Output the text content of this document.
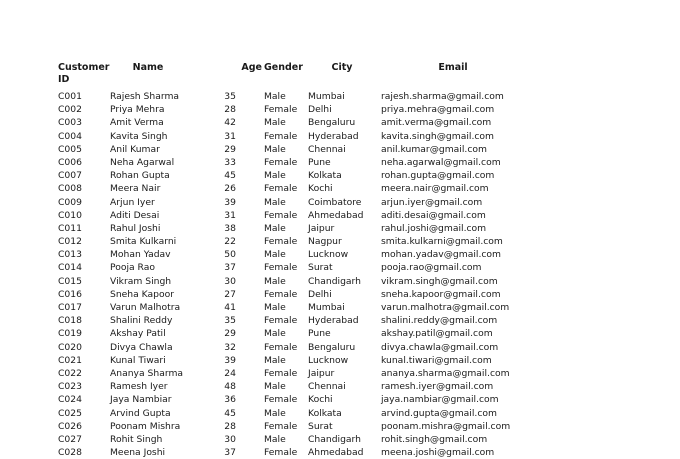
Customer ID
Name	Age Gender	City	Email
C001	Rajesh Sharma	35	Male Mumbai	rajesh.sharma@gmail.com
C002	Priya Mehra	28	Female Delhi	priya.mehra@gmail.com
C003	Amit Verma	42	Male Bengaluru	amit.verma@gmail.com
C004	Kavita Singh	31	Female Hyderabad kavita.singh@gmail.com
C005	Anil Kumar	29	Male Chennai	anil.kumar@gmail.com
C006	Neha Agarwal	33	Female Pune	neha.agarwal@gmail.com
C007	Rohan Gupta	45	Male Kolkata	rohan.gupta@gmail.com
C008	Meera Nair	26	Female Kochi	meera.nair@gmail.com
C009	Arjun Iyer	39	Male Coimbatore arjun.iyer@gmail.com
C010	Aditi Desai	31	Female Ahmedabad aditi.desai@gmail.com
C011	Rahul Joshi	38	Male Jaipur	rahul.joshi@gmail.com
C012	Smita Kulkarni	22	Female Nagpur	smita.kulkarni@gmail.com
C013	Mohan Yadav	50	Male Lucknow	mohan.yadav@gmail.com
C014	Pooja Rao	37	Female Surat	pooja.rao@gmail.com
C015	Vikram Singh	30	Male Chandigarh vikram.singh@gmail.com
C016	Sneha Kapoor	27	Female Delhi	sneha.kapoor@gmail.com
C017	Varun Malhotra	41	Male Mumbai	varun.malhotra@gmail.com
C018	Shalini Reddy	35	Female Hyderabad shalini.reddy@gmail.com
C019	Akshay Patil	29	Male Pune	akshay.patil@gmail.com
C020	Divya Chawla	32	Female Bengaluru	divya.chawla@gmail.com
C021	Kunal Tiwari	39	Male Lucknow	kunal.tiwari@gmail.com
C022	Ananya Sharma	24	Female Jaipur	ananya.sharma@gmail.com
C023	Ramesh Iyer	48	Male Chennai	ramesh.iyer@gmail.com
C024	Jaya Nambiar	36	Female Kochi	jaya.nambiar@gmail.com
C025	Arvind Gupta	45	Male Kolkata	arvind.gupta@gmail.com
C026	Poonam Mishra	28	Female Surat	poonam.mishra@gmail.com
C027	Rohit Singh	30	Male Chandigarh rohit.singh@gmail.com
C028	Meena Joshi	37	Female Ahmedabad meena.joshi@gmail.com
